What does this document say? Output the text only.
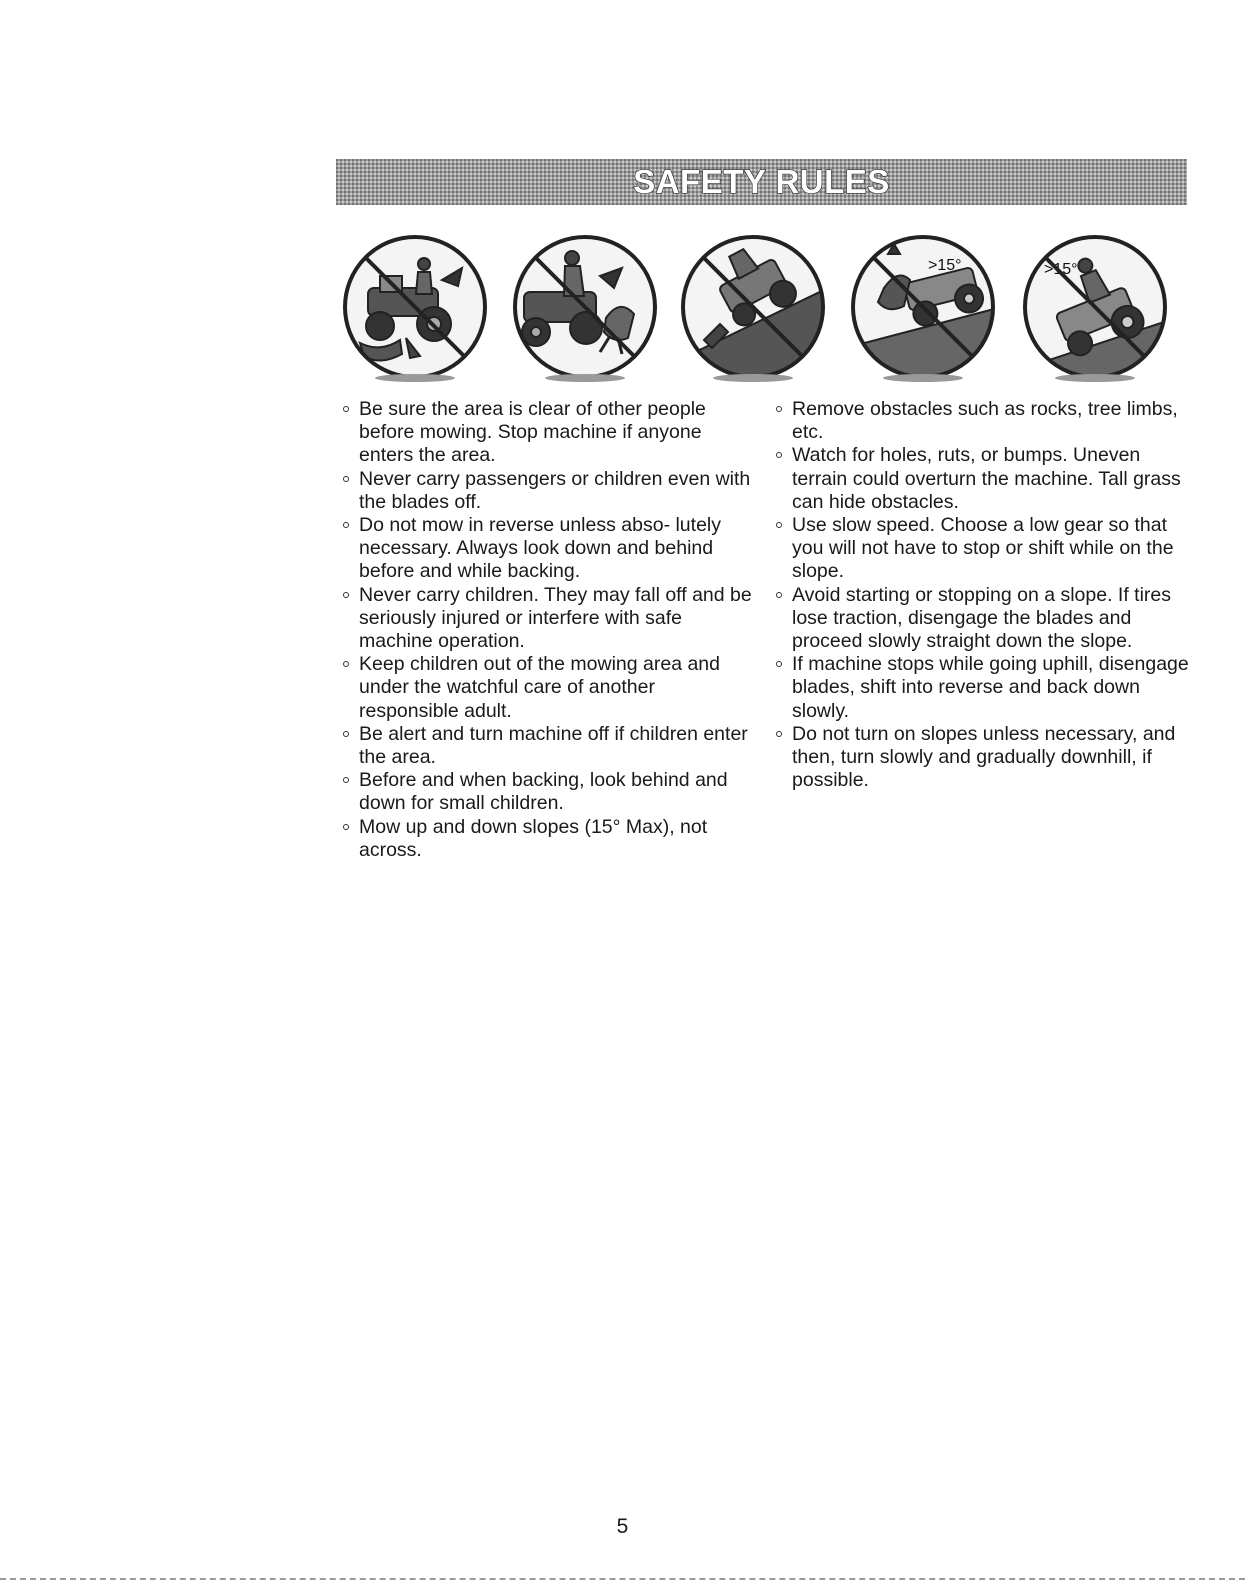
SAFETY RULES
>15°	>15°
Be sure the area is clear of other people before mowing. Stop machine if anyone enters the area.
Never carry passengers or children even with the blades off.
Do not mow in reverse unless abso- lutely necessary. Always look down and behind before and while backing.
Never carry children. They may fall off and be seriously injured or interfere with safe machine operation.
Keep children out of the mowing area and under the watchful care of another responsible adult.
Be alert and turn machine off if children enter the area.
Before and when backing, look behind and down for small children.
Mow up and down slopes (15° Max), not across.
Remove obstacles such as rocks, tree limbs, etc.
Watch for holes, ruts, or bumps. Uneven terrain could overturn the machine. Tall grass can hide obstacles.
Use slow speed. Choose a low gear so that you will not have to stop or shift while on the slope.
Avoid starting or stopping on a slope. If tires lose traction, disengage the blades and proceed slowly straight down the slope.
If machine stops while going uphill, disengage blades, shift into reverse and back down slowly.
Do not turn on slopes unless necessary, and then, turn slowly and gradually downhill, if possible.
5
